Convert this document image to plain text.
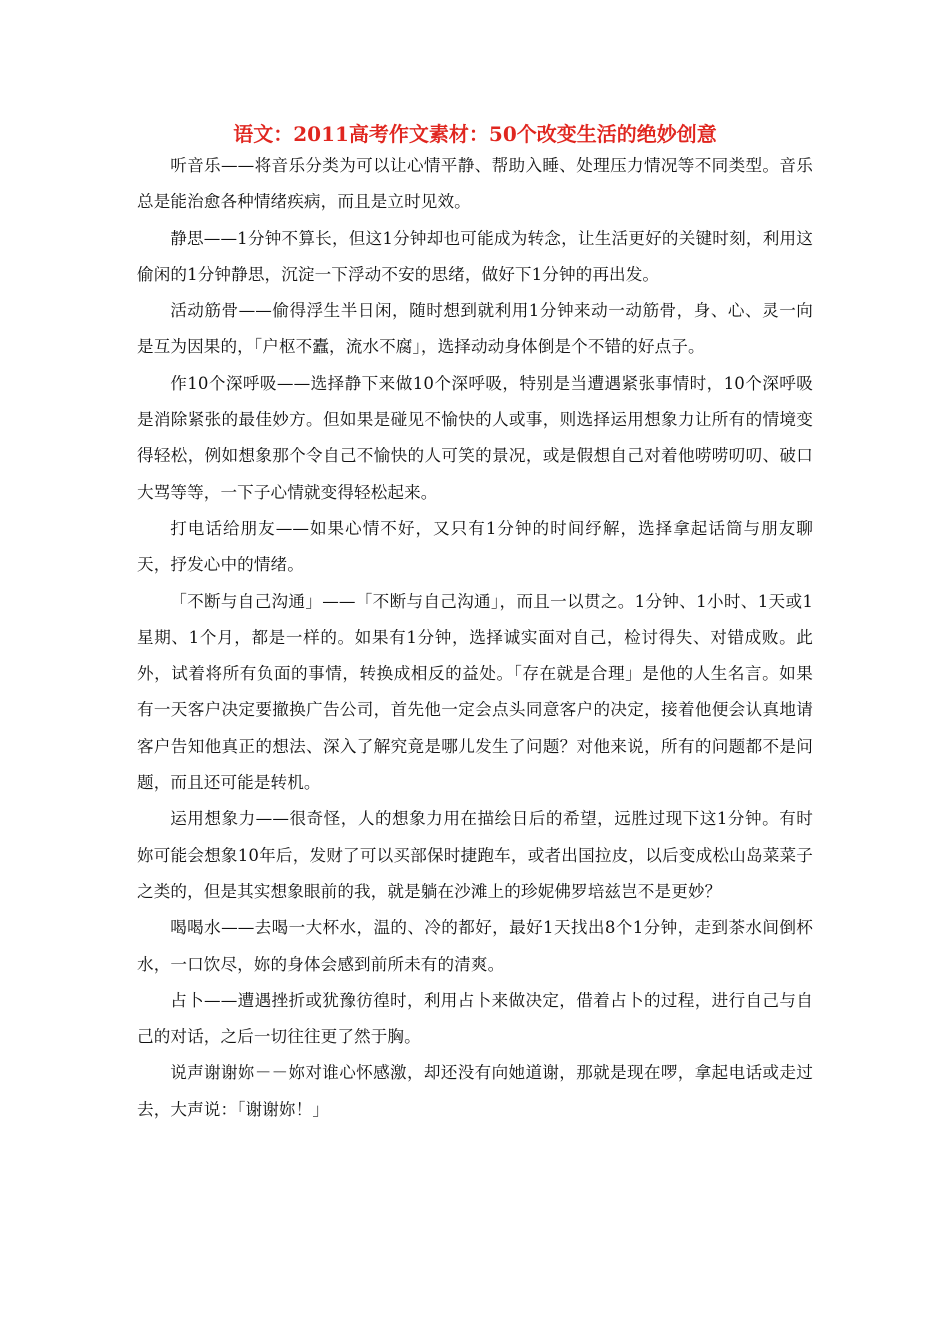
语文：2011高考作文素材：50个改变生活的绝妙创意

听音乐——将音乐分类为可以让心情平静、帮助入睡、处理压力情况等不同类型。音乐总是能治愈各种情绪疾病，而且是立时见效。

静思——1分钟不算长，但这1分钟却也可能成为转念，让生活更好的关键时刻，利用这偷闲的1分钟静思，沉淀一下浮动不安的思绪，做好下1分钟的再出发。

活动筋骨——偷得浮生半日闲，随时想到就利用1分钟来动一动筋骨，身、心、灵一向是互为因果的，「户枢不蠹，流水不腐」，选择动动身体倒是个不错的好点子。

作10个深呼吸——选择静下来做10个深呼吸，特别是当遭遇紧张事情时，10个深呼吸是消除紧张的最佳妙方。但如果是碰见不愉快的人或事，则选择运用想象力让所有的情境变得轻松，例如想象那个令自己不愉快的人可笑的景况，或是假想自己对着他唠唠叨叨、破口大骂等等，一下子心情就变得轻松起来。

打电话给朋友——如果心情不好，又只有1分钟的时间纾解，选择拿起话筒与朋友聊天，抒发心中的情绪。

「不断与自己沟通」——「不断与自己沟通」，而且一以贯之。1分钟、1小时、1天或1星期、1个月，都是一样的。如果有1分钟，选择诚实面对自己，检讨得失、对错成败。此外，试着将所有负面的事情，转换成相反的益处。「存在就是合理」是他的人生名言。如果有一天客户决定要撤换广告公司，首先他一定会点头同意客户的决定，接着他便会认真地请客户告知他真正的想法、深入了解究竟是哪儿发生了问题？对他来说，所有的问题都不是问题，而且还可能是转机。

运用想象力——很奇怪，人的想象力用在描绘日后的希望，远胜过现下这1分钟。有时妳可能会想象10年后，发财了可以买部保时捷跑车，或者出国拉皮，以后变成松山岛菜菜子之类的，但是其实想象眼前的我，就是躺在沙滩上的珍妮佛罗培兹岂不是更妙？

喝喝水——去喝一大杯水，温的、冷的都好，最好1天找出8个1分钟，走到茶水间倒杯水，一口饮尽，妳的身体会感到前所未有的清爽。

占卜——遭遇挫折或犹豫彷徨时，利用占卜来做决定，借着占卜的过程，进行自己与自己的对话，之后一切往往更了然于胸。

说声谢谢妳－－妳对谁心怀感激，却还没有向她道谢，那就是现在啰，拿起电话或走过去，大声说：「谢谢妳！」
